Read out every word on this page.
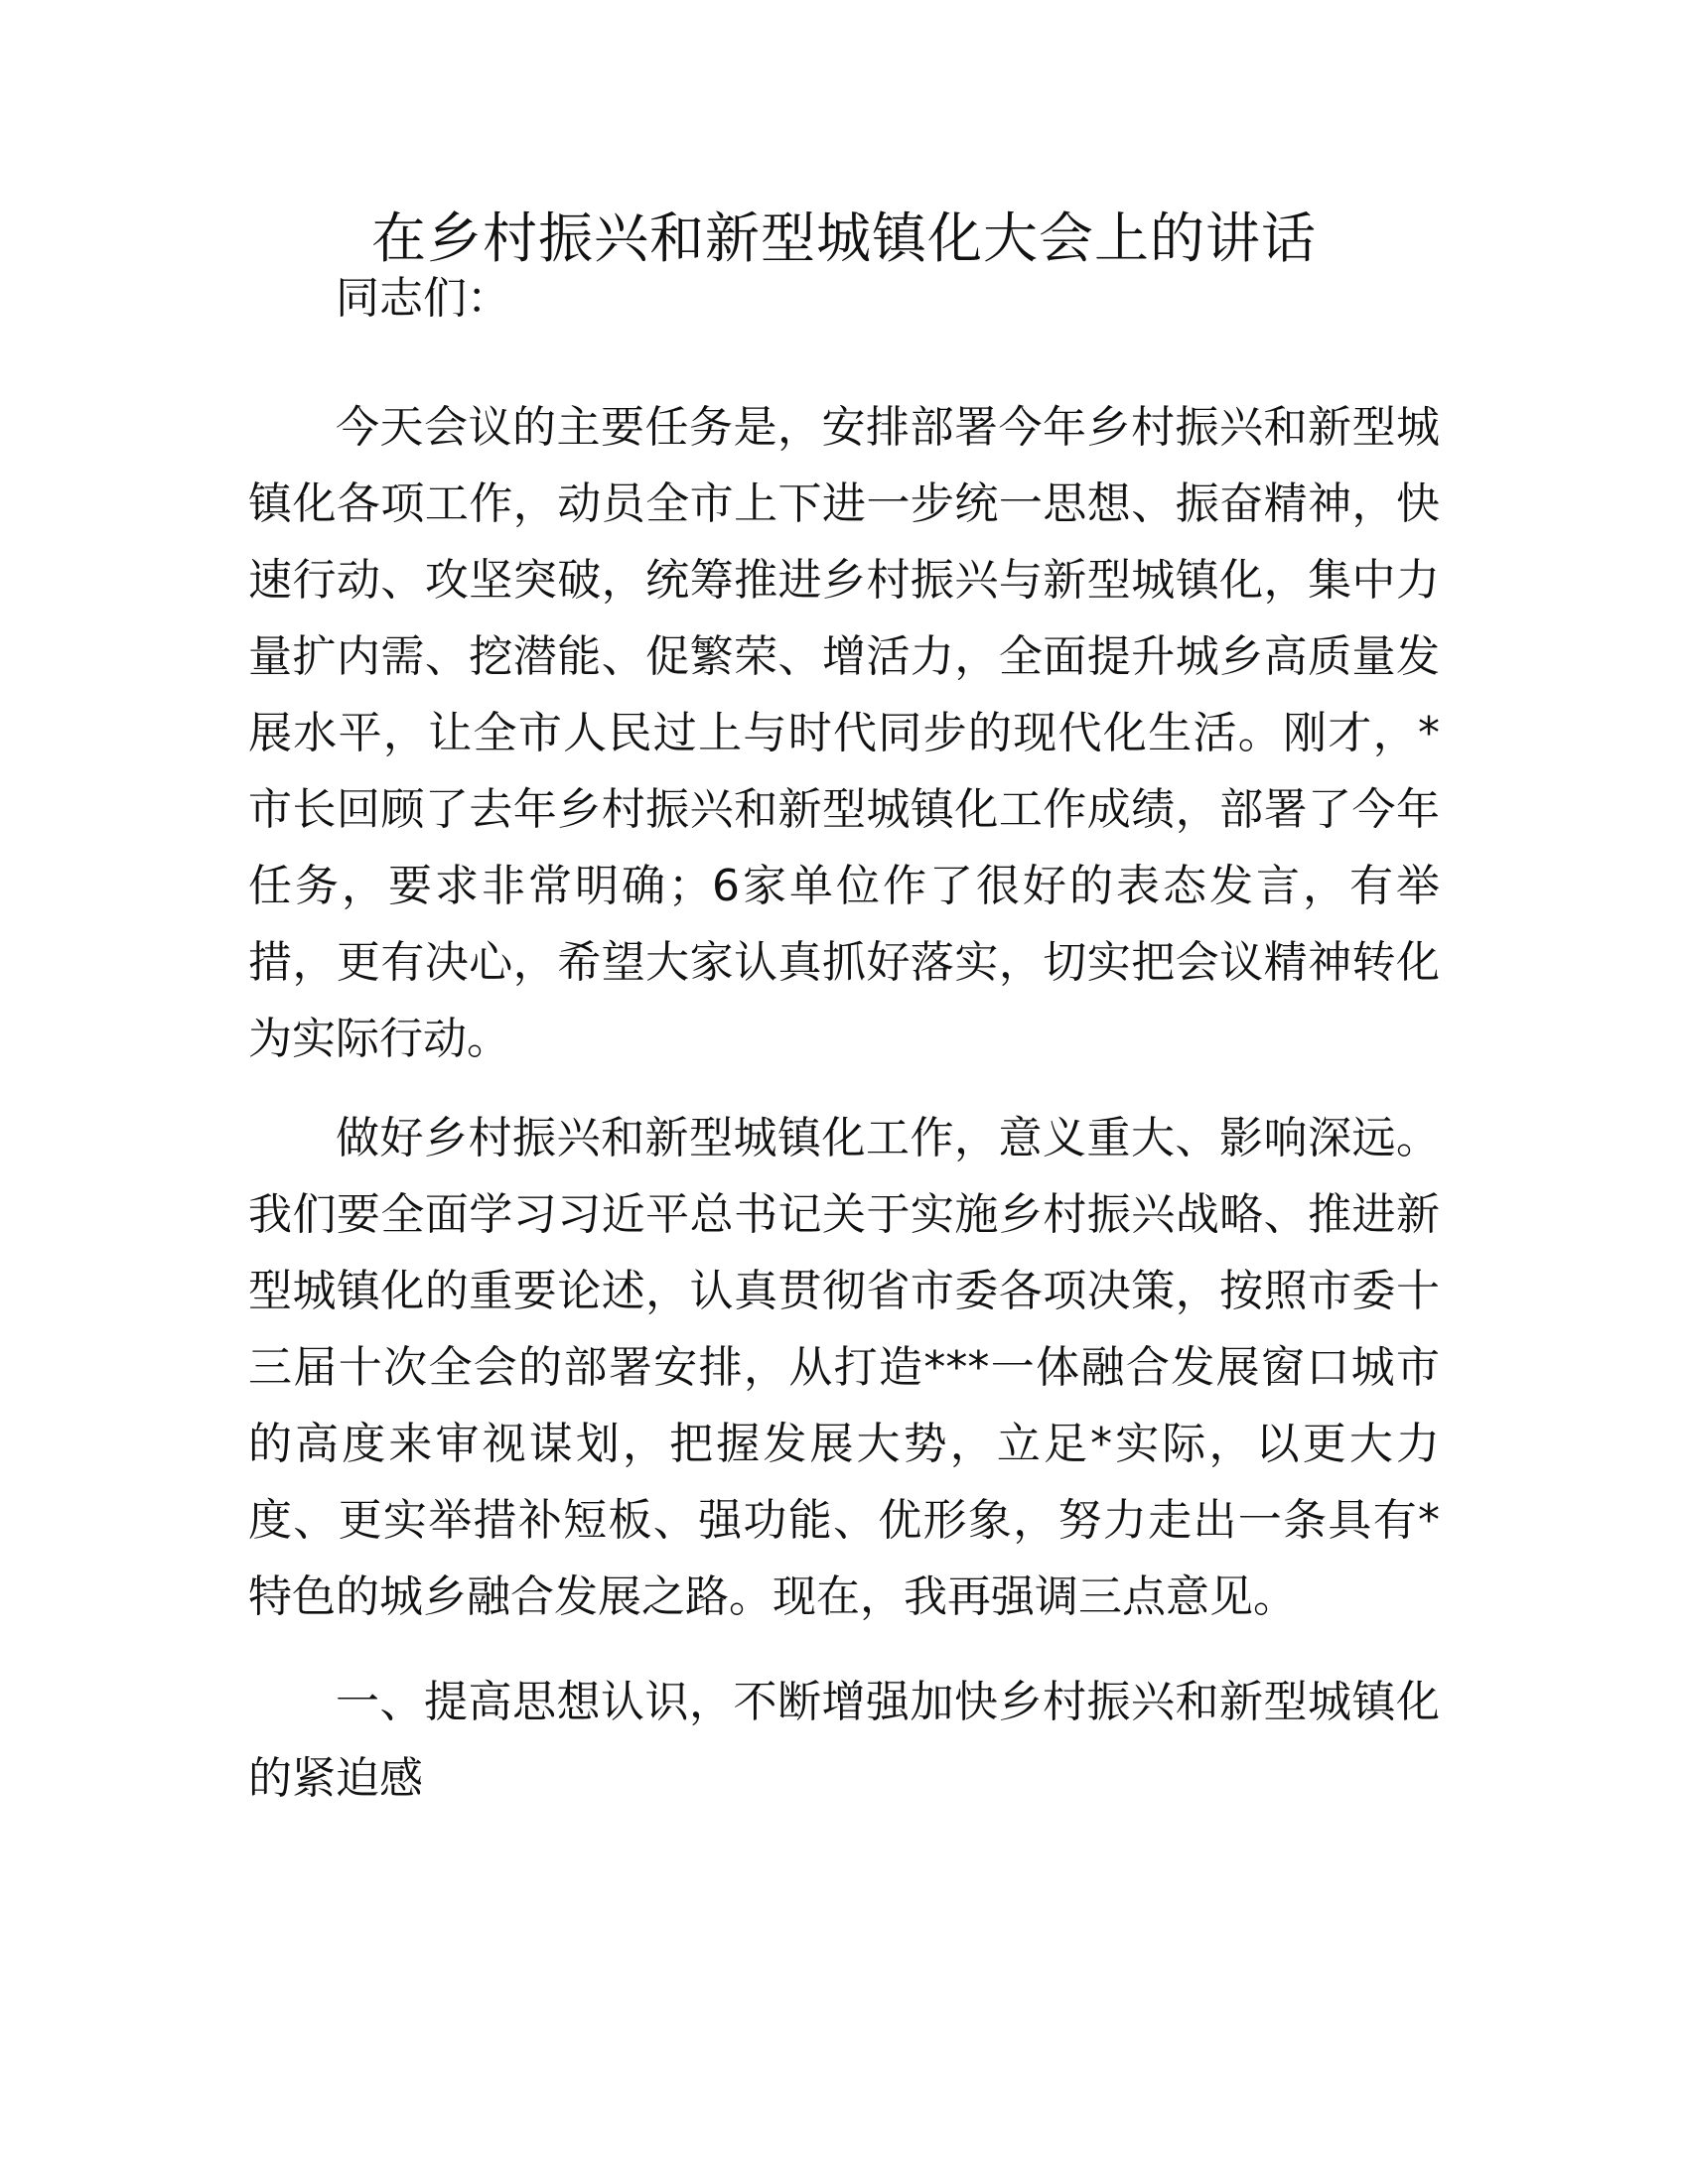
在乡村振兴和新型城镇化大会上的讲话

同志们：

今天会议的主要任务是，安排部署今年乡村振兴和新型城镇化各项工作，动员全市上下进一步统一思想、振奋精神，快速行动、攻坚突破，统筹推进乡村振兴与新型城镇化，集中力量扩内需、挖潜能、促繁荣、增活力，全面提升城乡高质量发展水平，让全市人民过上与时代同步的现代化生活。刚才，*市长回顾了去年乡村振兴和新型城镇化工作成绩，部署了今年任务，要求非常明确；6家单位作了很好的表态发言，有举措，更有决心，希望大家认真抓好落实，切实把会议精神转化为实际行动。

做好乡村振兴和新型城镇化工作，意义重大、影响深远。我们要全面学习习近平总书记关于实施乡村振兴战略、推进新型城镇化的重要论述，认真贯彻省市委各项决策，按照市委十三届十次全会的部署安排，从打造***一体融合发展窗口城市的高度来审视谋划，把握发展大势，立足*实际，以更大力度、更实举措补短板、强功能、优形象，努力走出一条具有*特色的城乡融合发展之路。现在，我再强调三点意见。

一、提高思想认识，不断增强加快乡村振兴和新型城镇化的紧迫感
